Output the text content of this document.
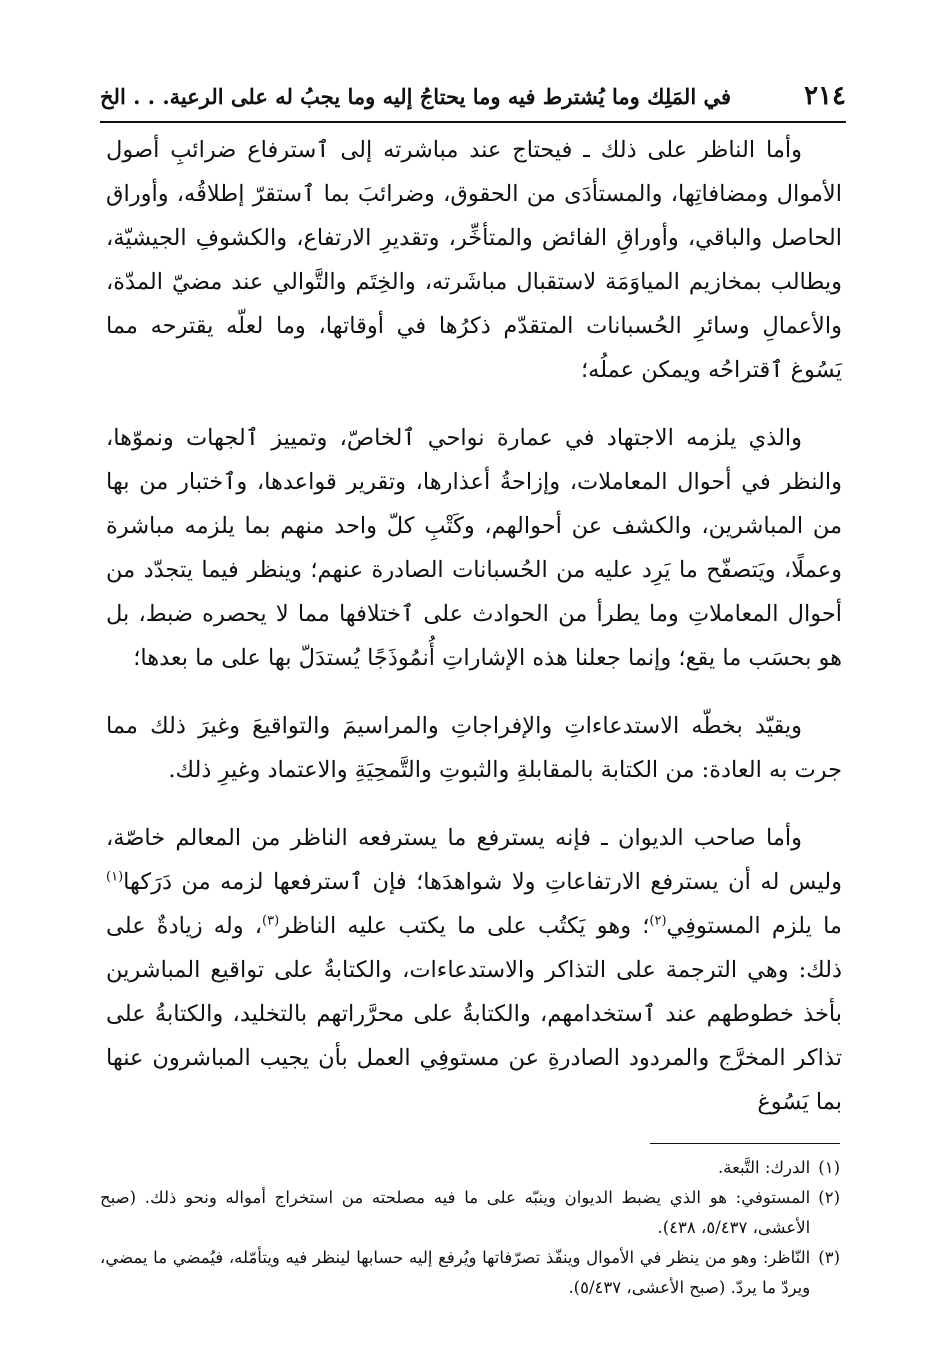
٢١٤
في المَلِك وما يُشترط فيه وما يحتاجُ إليه وما يجبُ له على الرعية. . . الخ

وأما الناظر على ذلك ـ فيحتاج عند مباشرته إلى ٱسترفاع ضرائبِ أصول الأموال ومضافاتِها، والمستأدَى من الحقوق، وضرائبَ بما ٱستقرّ إطلاقُه، وأوراق الحاصل والباقي، وأوراقِ الفائض والمتأخِّر، وتقديرِ الارتفاع، والكشوفِ الجيشيّة، ويطالب بمخازيم المياوَمَة لاستقبال مباشَرته، والخِتَم والتَّوالي عند مضيّ المدّة، والأعمالِ وسائرِ الحُسبانات المتقدّم ذكرُها في أوقاتها، وما لعلّه يقترحه مما يَسُوغ ٱقتراحُه ويمكن عملُه؛

والذي يلزمه الاجتهاد في عمارة نواحي ٱلخاصّ، وتمييز ٱلجهات ونموّها، والنظر في أحوال المعاملات، وإزاحةُ أعذارها، وتقرير قواعدها، وٱختبار من بها من المباشرين، والكشف عن أحوالهم، وكَتْبِ كلّ واحد منهم بما يلزمه مباشرة وعملًا، ويَتصفّح ما يَرِد عليه من الحُسبانات الصادرة عنهم؛ وينظر فيما يتجدّد من أحوال المعاملاتِ وما يطرأ من الحوادث على ٱختلافها مما لا يحصره ضبط، بل هو بحسَب ما يقع؛ وإنما جعلنا هذه الإشاراتِ أُنمُوذَجًا يُستدَلّ بها على ما بعدها؛

ويقيّد بخطّه الاستدعاءاتِ والإفراجاتِ والمراسيمَ والتواقيعَ وغيرَ ذلك مما جرت به العادة: من الكتابة بالمقابلةِ والثبوتِ والتَّمحِيَةِ والاعتماد وغيرِ ذلك.

وأما صاحب الديوان ـ فإنه يسترفع ما يسترفعه الناظر من المعالم خاصّة، وليس له أن يسترفع الارتفاعاتِ ولا شواهدَها؛ فإن ٱسترفعها لزمه من دَرَكها$^{(١)}$ ما يلزم المستوفِي$^{(٢)}$؛ وهو يَكتُب على ما يكتب عليه الناظر$^{(٣)}$، وله زيادةٌ على ذلك: وهي الترجمة على التذاكر والاستدعاءات، والكتابةُ على تواقيع المباشرين بأخذ خطوطهم عند ٱستخدامهم، والكتابةُ على محرَّراتهم بالتخليد، والكتابةُ على تذاكر المخرَّج والمردود الصادرةِ عن مستوفِي العمل بأن يجيب المباشرون عنها بما يَسُوغ

(١)
الدرك: التَّبعة.
(٢)
المستوفي: هو الذي يضبط الديوان وينبّه على ما فيه مصلحته من استخراج أمواله ونحو ذلك. (صبح الأعشى، ٥/٤٣٧، ٤٣٨).
(٣)
النّاظر: وهو من ينظر في الأموال وينفّذ تصرّفاتها ويُرفع إليه حسابها لينظر فيه ويتأمّله، فيُمضي ما يمضي، ويردّ ما يردّ. (صبح الأعشى، ٥/٤٣٧).
